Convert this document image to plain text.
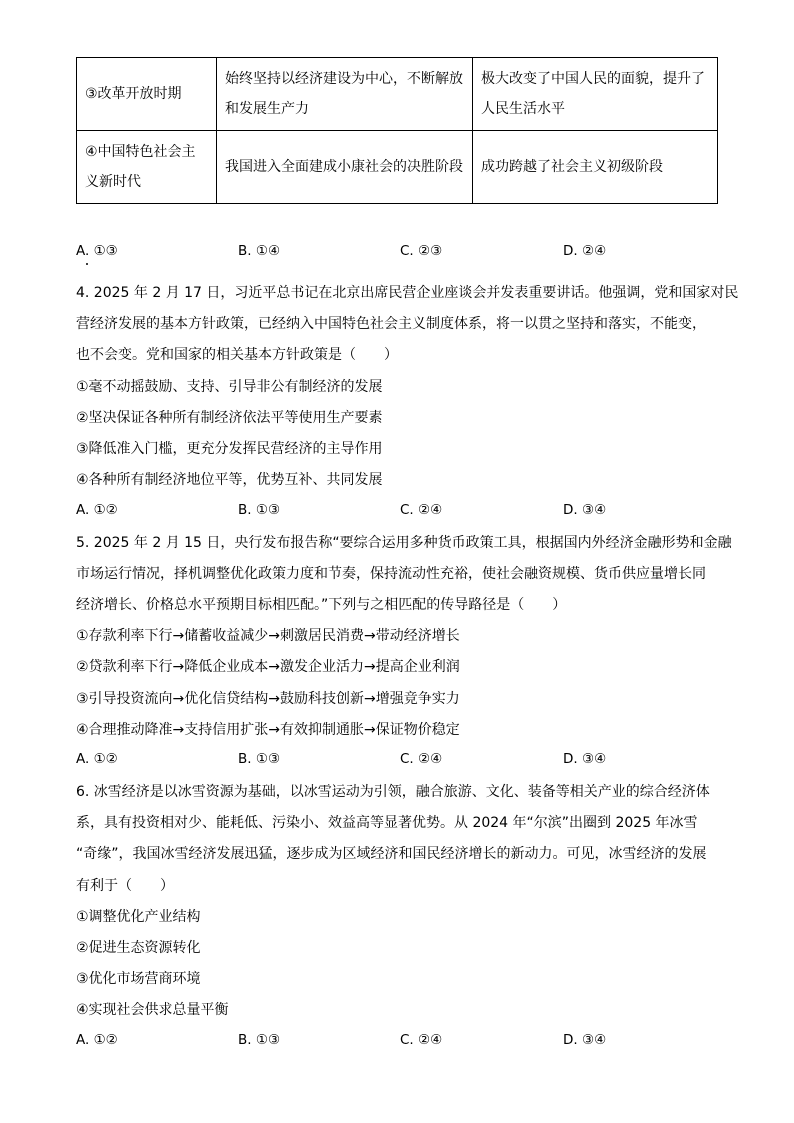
③改革开放时期	始终坚持以经济建设为中心，不断解放和发展生产力	极大改变了中国人民的面貌，提升了人民生活水平
④中国特色社会主义新时代	我国进入全面建成小康社会的决胜阶段	成功跨越了社会主义初级阶段
A. ①③	B. ①④	C. ②③	D. ②④
4. 2025 年 2 月 17 日，习近平总书记在北京出席民营企业座谈会并发表重要讲话。他强调，党和国家对民
营经济发展的基本方针政策，已经纳入中国特色社会主义制度体系，将一以贯之坚持和落实，不能变，
也不会变。党和国家的相关基本方针政策是（　　）
①毫不动摇鼓励、支持、引导非公有制经济的发展
②坚决保证各种所有制经济依法平等使用生产要素
③降低准入门槛，更充分发挥民营经济的主导作用
④各种所有制经济地位平等，优势互补、共同发展
A. ①②	B. ①③	C. ②④	D. ③④
5. 2025 年 2 月 15 日，央行发布报告称“要综合运用多种货币政策工具，根据国内外经济金融形势和金融
市场运行情况，择机调整优化政策力度和节奏，保持流动性充裕，使社会融资规模、货币供应量增长同
经济增长、价格总水平预期目标相匹配。”下列与之相匹配的传导路径是（　　）
①存款利率下行→储蓄收益减少→刺激居民消费→带动经济增长
②贷款利率下行→降低企业成本→激发企业活力→提高企业利润
③引导投资流向→优化信贷结构→鼓励科技创新→增强竞争实力
④合理推动降准→支持信用扩张→有效抑制通胀→保证物价稳定
A. ①②	B. ①③	C. ②④	D. ③④
6. 冰雪经济是以冰雪资源为基础，以冰雪运动为引领，融合旅游、文化、装备等相关产业的综合经济体
系，具有投资相对少、能耗低、污染小、效益高等显著优势。从 2024 年“尔滨”出圈到 2025 年冰雪
“奇缘”，我国冰雪经济发展迅猛，逐步成为区域经济和国民经济增长的新动力。可见，冰雪经济的发展
有利于（　　）
①调整优化产业结构
②促进生态资源转化
③优化市场营商环境
④实现社会供求总量平衡
A. ①②	B. ①③	C. ②④	D. ③④
